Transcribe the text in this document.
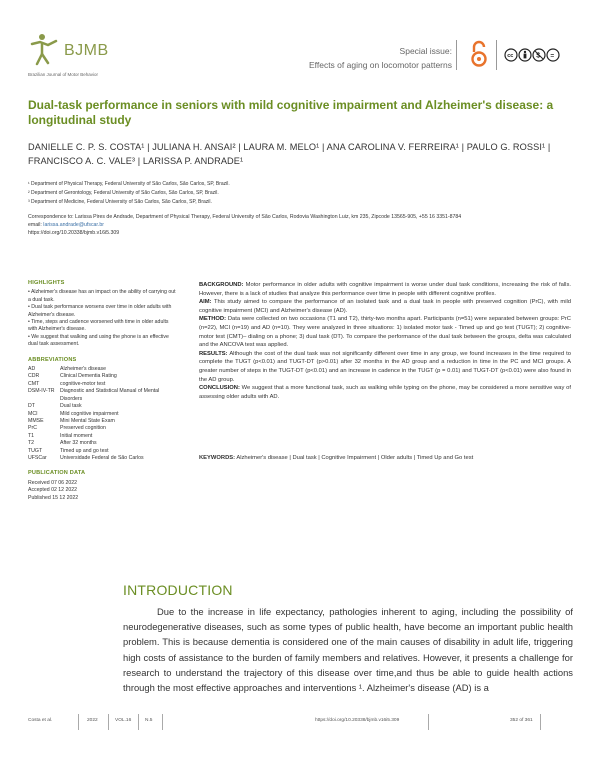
BJMB
Brazilian Journal of Motor Behavior
Special issue:
Effects of aging on locomotor patterns
cc	$ =
Dual-task performance in seniors with mild cognitive impairment and Alzheimer's disease: a longitudinal study
DANIELLE C. P. S. COSTA¹ | JULIANA H. ANSAI² | LAURA M. MELO¹ | ANA CAROLINA V. FERREIRA¹ | PAULO G. ROSSI¹ | FRANCISCO A. C. VALE³ | LARISSA P. ANDRADE¹
¹ Department of Physical Therapy, Federal University of São Carlos, São Carlos, SP, Brazil.
² Department of Gerontology, Federal University of São Carlos, São Carlos, SP, Brazil.
³ Department of Medicine, Federal University of São Carlos, São Carlos, SP, Brazil.
Correspondence to: Larissa Pires de Andrade, Department of Physical Therapy, Federal University of São Carlos, Rodovia Washington Luiz, km 235, Zipcode 13565-905, +55 16 3351-8784
email: larissa.andrade@ufscar.br
https://doi.org/10.20338/bjmb.v16i5.309
HIGHLIGHTS
• Alzheimer's disease has an impact on the ability of carrying out a dual task.
• Dual task performance worsens over time in older adults with Alzheimer's disease.
• Time, steps and cadence worsened with time in older adults with Alzheimer's disease.
• We suggest that walking and using the phone is an effective dual task assessment.
ABBREVIATIONS
AD	Alzheimer's disease
CDR	Clinical Dementia Rating
CMT	cognitive-motor test
DSM-IV-TR	Diagnostic and Statistical Manual of Mental Disorders
DT	Dual task
MCI	Mild cognitive impairment
MMSE	Mini Mental State Exam
PrC	Preserved cognition
T1	Initial moment
T2	After 32 months
TUGT	Timed up and go test
UFSCar	Universidade Federal de São Carlos
PUBLICATION DATA
Received 07 06 2022
Accepted 02 12 2022
Published 15 12 2022

BACKGROUND: Motor performance in older adults with cognitive impairment is worse under dual task conditions, increasing the risk of falls. However, there is a lack of studies that analyze this performance over time in people with different cognitive profiles.

AIM: This study aimed to compare the performance of an isolated task and a dual task in people with preserved cognition (PrC), with mild cognitive impairment (MCI) and Alzheimer's disease (AD).

METHOD: Data were collected on two occasions (T1 and T2), thirty-two months apart. Participants (n=51) were separated between groups: PrC (n=22), MCI (n=19) and AD (n=10). They were analyzed in three situations: 1) isolated motor task - Timed up and go test (TUGT); 2) cognitive-motor test (CMT)– dialing on a phone; 3) dual task (DT). To compare the performance of the dual task between the groups, delta was calculated and the ANCOVA test was applied.

RESULTS: Although the cost of the dual task was not significantly different over time in any group, we found increases in the time required to complete the TUGT (p<0.01) and TUGT-DT (p>0.01) after 32 months in the AD group and a reduction in time in the PC and MCI groups. A greater number of steps in the TUGT-DT (p<0.01) and an increase in cadence in the TUGT (p = 0.01) and TUGT-DT (p<0.01) were also found in the AD group.

CONCLUSION: We suggest that a more functional task, such as walking while typing on the phone, may be considered a more sensitive way of assessing older adults with AD.

KEYWORDS: Alzheimer's disease | Dual task | Cognitive Impairment | Older adults | Timed Up and Go test
INTRODUCTION

Due to the increase in life expectancy, pathologies inherent to aging, including the possibility of neurodegenerative diseases, such as some types of public health, have become an important public health problem. This is because dementia is considered one of the main causes of disability in adult life, triggering high costs of assistance to the burden of family members and relatives. However, it presents a challenge for research to understand the trajectory of this disease over time,and thus be able to guide health actions through the most effective approaches and interventions ¹. Alzheimer's disease (AD) is a

Costa et al.	2022	VOL.16	N.5	https://doi.org/10.20338/bjmb.v16i5.309	352 of 361
